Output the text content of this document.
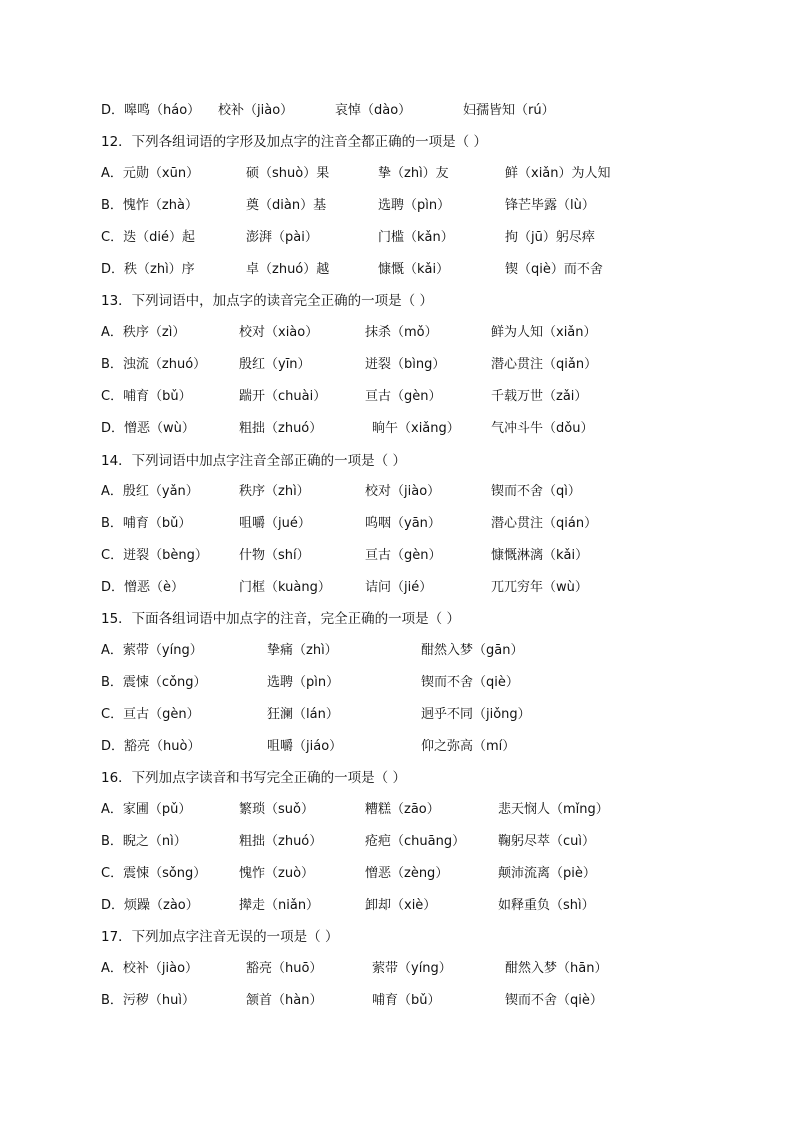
D．嗥鸣（háo） 校补（jiào）	哀悼（dào）	妇孺皆知（rú）
12．下列各组词语的字形及加点字的注音全都正确的一项是（ ）
A．元勋（xūn）	硕（shuò）果	挚（zhì）友	鲜（xiǎn）为人知
B．愧怍（zhà）	奠（diàn）基	选聘（pìn）	锋芒毕露（lù）
C．迭（dié）起	澎湃（pài）	门槛（kǎn）	拘（jū）躬尽瘁
D．秩（zhì）序	卓（zhuó）越	慷慨（kǎi）	锲（qiè）而不舍
13．下列词语中，加点字的读音完全正确的一项是（ ）
A．秩序（zì）	校对（xiào）	抹杀（mǒ）	鲜为人知（xiǎn）
B．浊流（zhuó）	殷红（yīn）	迸裂（bìng）	潜心贯注（qiǎn）
C．哺育（bǔ）	踹开（chuài）	亘古（gèn）	千载万世（zǎi）
D．憎恶（wù）	粗拙（zhuó）	晌午（xiǎng） 气冲斗牛（dǒu）
14．下列词语中加点字注音全部正确的一项是（ ）
A．殷红（yǎn）	秩序（zhì）	校对（jiào）	锲而不舍（qì）
B．哺育（bǔ）	咀嚼（jué）	呜咽（yān）	潜心贯注（qián）
C．迸裂（bèng） 什物（shí）	亘古（gèn）	慷慨淋漓（kǎi）
D．憎恶（è）	门框（kuàng）	诘问（jié）	兀兀穷年（wù）
15．下面各组词语中加点字的注音，完全正确的一项是（ ）
A．萦带（yíng）	挚痛（zhì）	酣然入梦（gān）
B．震悚（cǒng）	选聘（pìn）	锲而不舍（qiè）
C．亘古（gèn）	狂澜（lán）	迥乎不同（jiǒng）
D．豁亮（huò）	咀嚼（jiáo）	仰之弥高（mí）
16．下列加点字读音和书写完全正确的一项是（ ）
A．家圃（pǔ）	繁琐（suǒ）	糟糕（zāo）	悲天悯人（mǐng）
B．睨之（nì）	粗拙（zhuó）	疮疤（chuāng）	鞠躬尽萃（cuì）
C．震悚（sǒng）	愧怍（zuò）	憎恶（zèng）	颠沛流离（piè）
D．烦躁（zào）	撵走（niǎn）	卸却（xiè）	如释重负（shì）
17．下列加点字注音无误的一项是（ ）
A．校补（jiào）	豁亮（huō）	萦带（yíng）	酣然入梦（hān）
B．污秽（huì）	颔首（hàn）	哺育（bǔ）	锲而不舍（qiè）
